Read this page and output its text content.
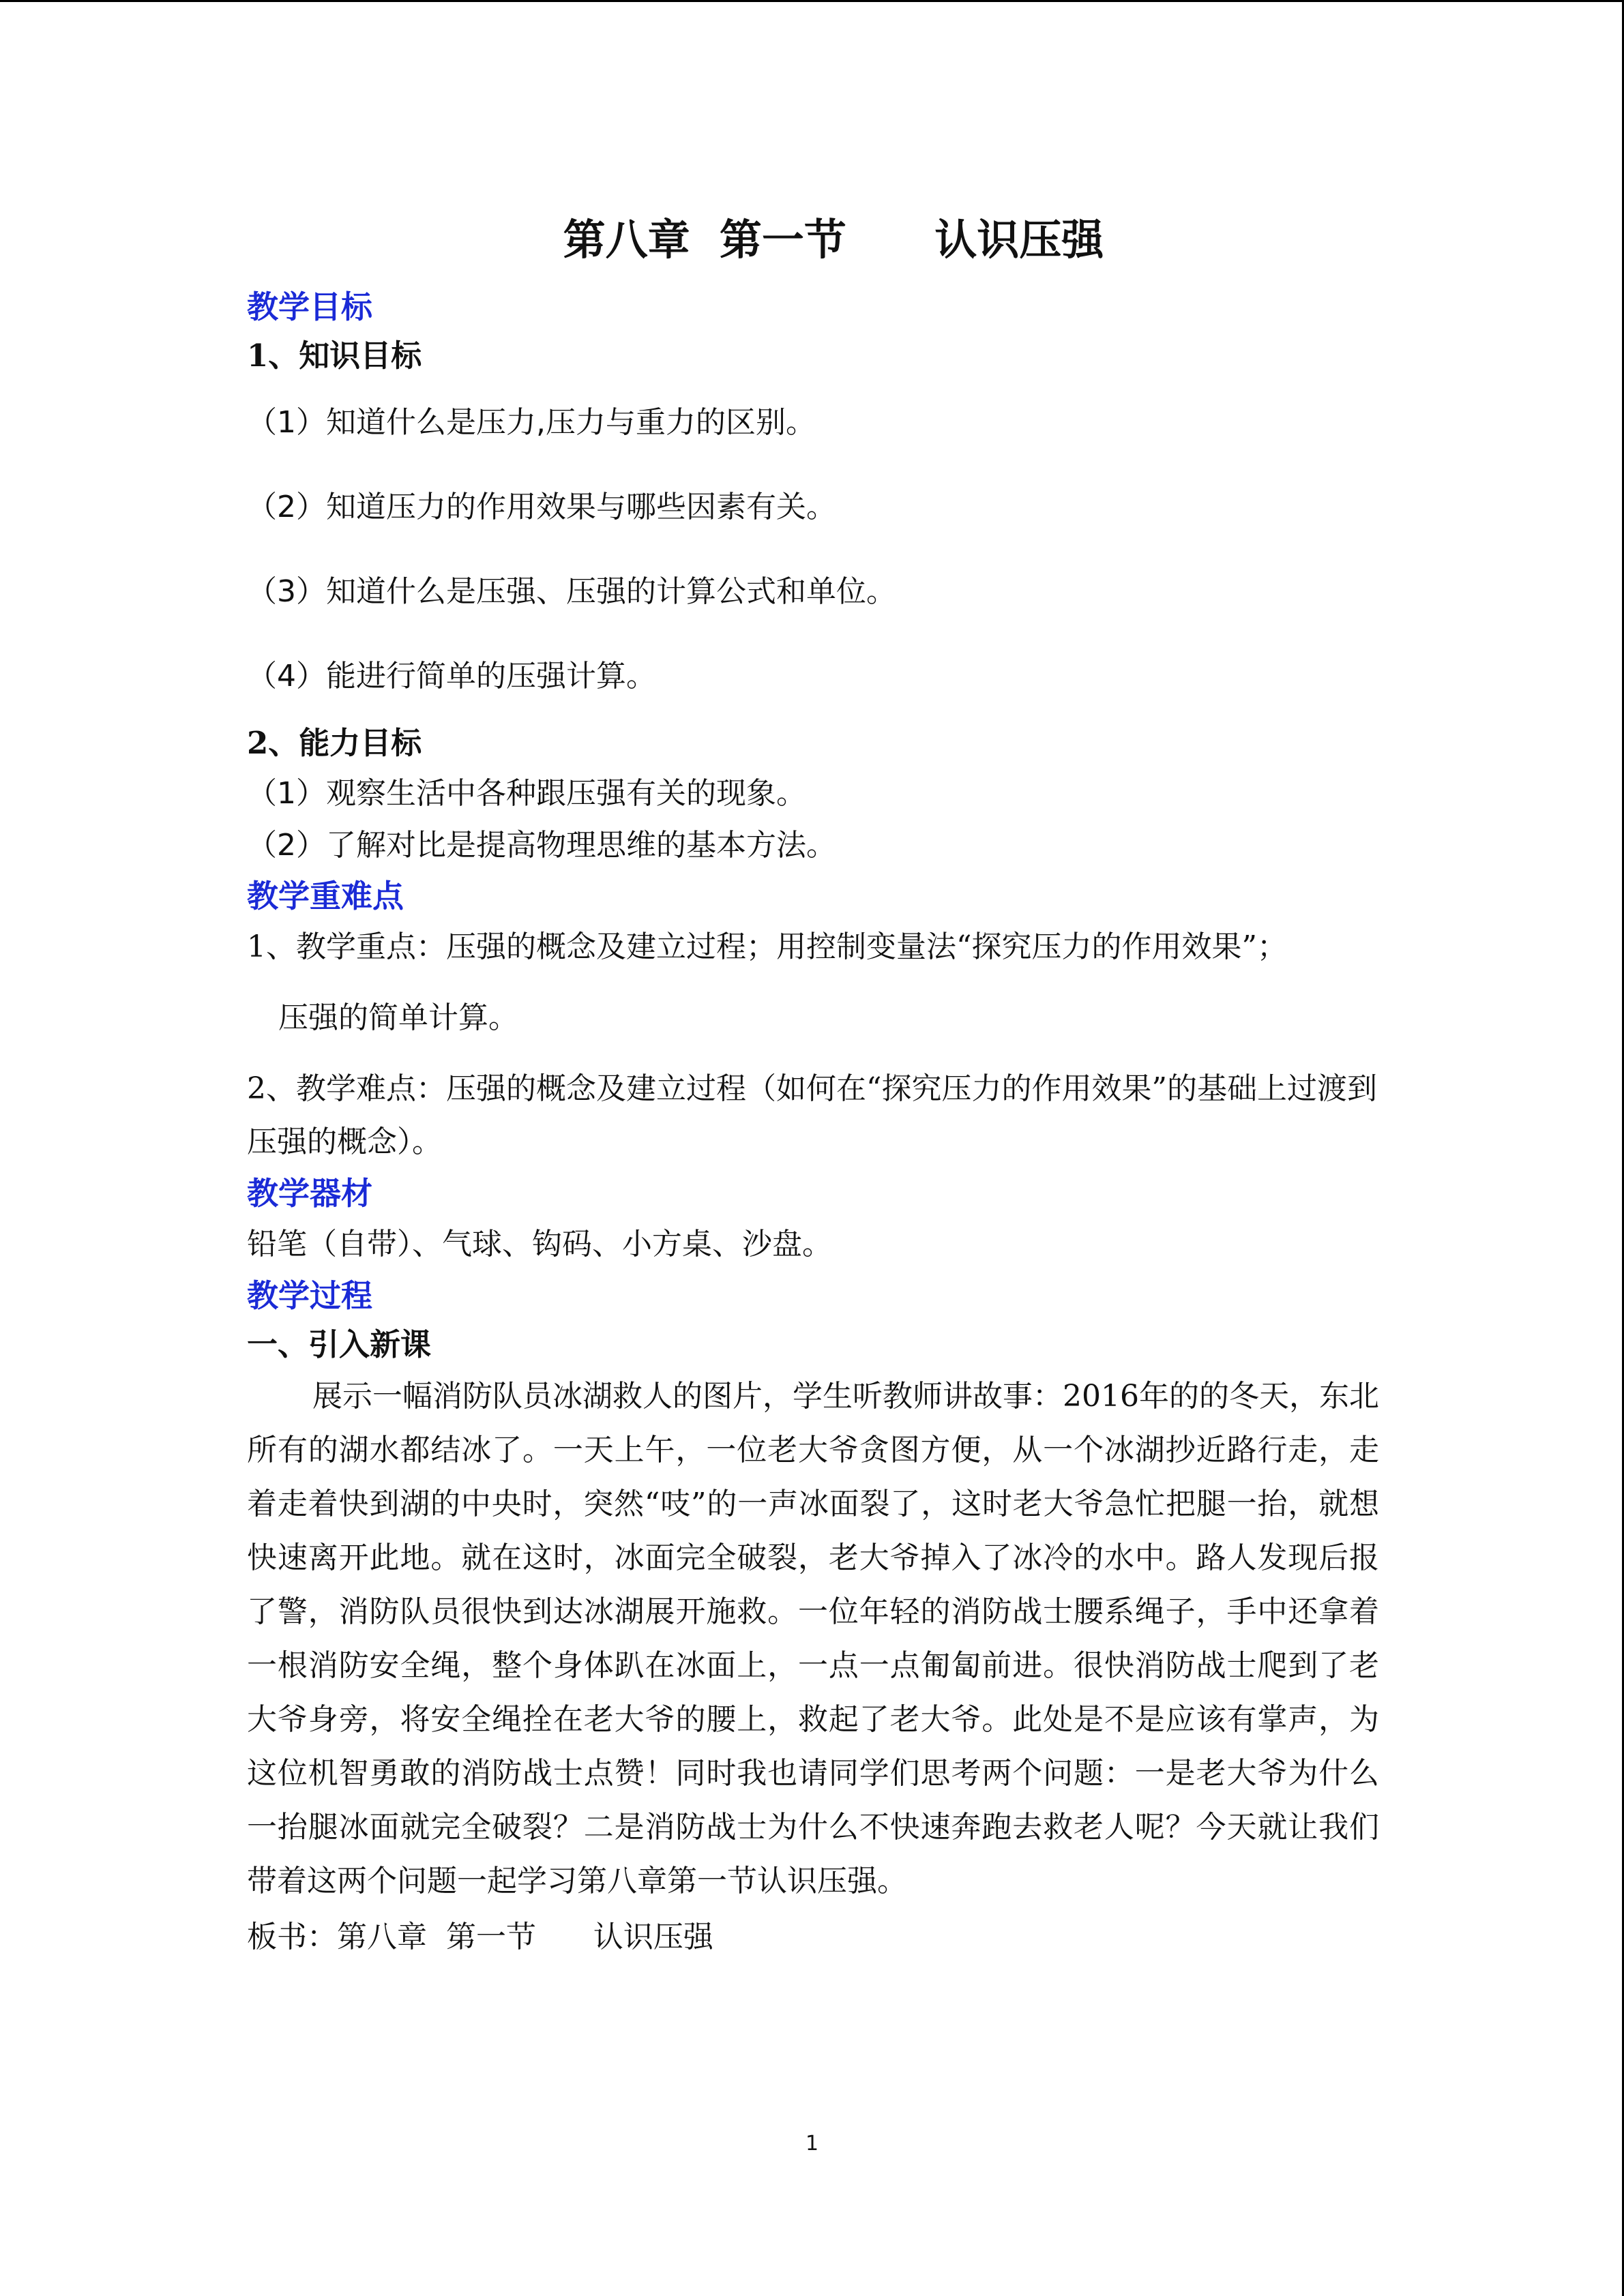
第八章  第一节      认识压强

教学目标

1、知识目标

（1）知道什么是压力,压力与重力的区别。

（2）知道压力的作用效果与哪些因素有关。

（3）知道什么是压强、压强的计算公式和单位。

（4）能进行简单的压强计算。

2、能力目标

（1）观察生活中各种跟压强有关的现象。

（2）了解对比是提高物理思维的基本方法。

教学重难点

1、教学重点：压强的概念及建立过程；用控制变量法“探究压力的作用效果”；

压强的简单计算。

2、教学难点：压强的概念及建立过程（如何在“探究压力的作用效果”的基础上过渡到压强的概念）。

教学器材

铅笔（自带）、气球、钩码、小方桌、沙盘。

教学过程

一、引入新课

展示一幅消防队员冰湖救人的图片，学生听教师讲故事：2016年的的冬天，东北所有的湖水都结冰了。一天上午，一位老大爷贪图方便，从一个冰湖抄近路行走，走着走着快到湖的中央时，突然“吱”的一声冰面裂了，这时老大爷急忙把腿一抬，就想快速离开此地。就在这时，冰面完全破裂，老大爷掉入了冰冷的水中。路人发现后报了警，消防队员很快到达冰湖展开施救。一位年轻的消防战士腰系绳子，手中还拿着一根消防安全绳，整个身体趴在冰面上，一点一点匍匐前进。很快消防战士爬到了老大爷身旁，将安全绳拴在老大爷的腰上，救起了老大爷。此处是不是应该有掌声，为这位机智勇敢的消防战士点赞！同时我也请同学们思考两个问题：一是老大爷为什么一抬腿冰面就完全破裂？二是消防战士为什么不快速奔跑去救老人呢？今天就让我们带着这两个问题一起学习第八章第一节认识压强。

板书：第八章  第一节      认识压强

1
